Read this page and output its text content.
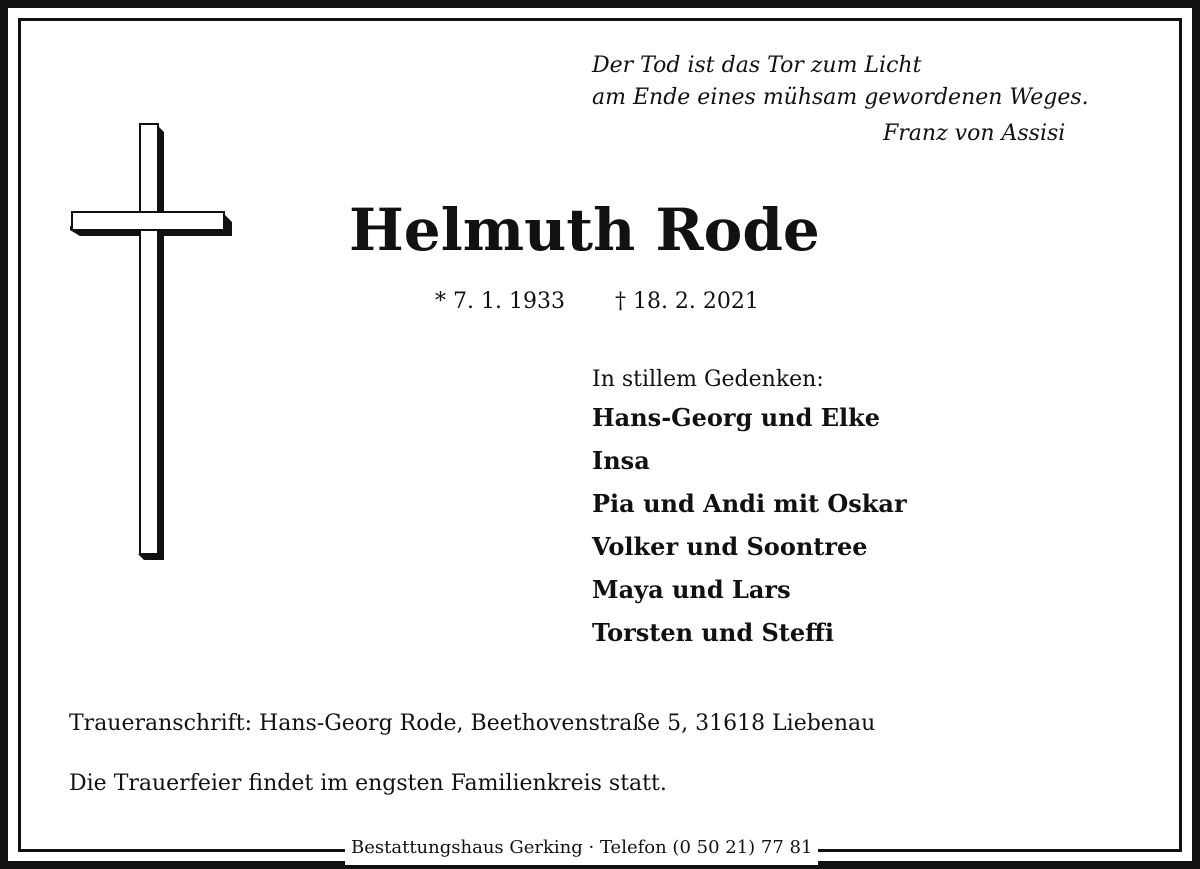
Der Tod ist das Tor zum Licht
am Ende eines mühsam gewordenen Weges.
Franz von Assisi
Helmuth Rode
* 7. 1. 1933 † 18. 2. 2021
In stillem Gedenken:
Hans-Georg und Elke
Insa
Pia und Andi mit Oskar
Volker und Soontree
Maya und Lars
Torsten und Steffi
Traueranschrift: Hans-Georg Rode, Beethovenstraße 5, 31618 Liebenau
Die Trauerfeier findet im engsten Familienkreis statt.
Bestattungshaus Gerking · Telefon (0 50 21) 77 81
